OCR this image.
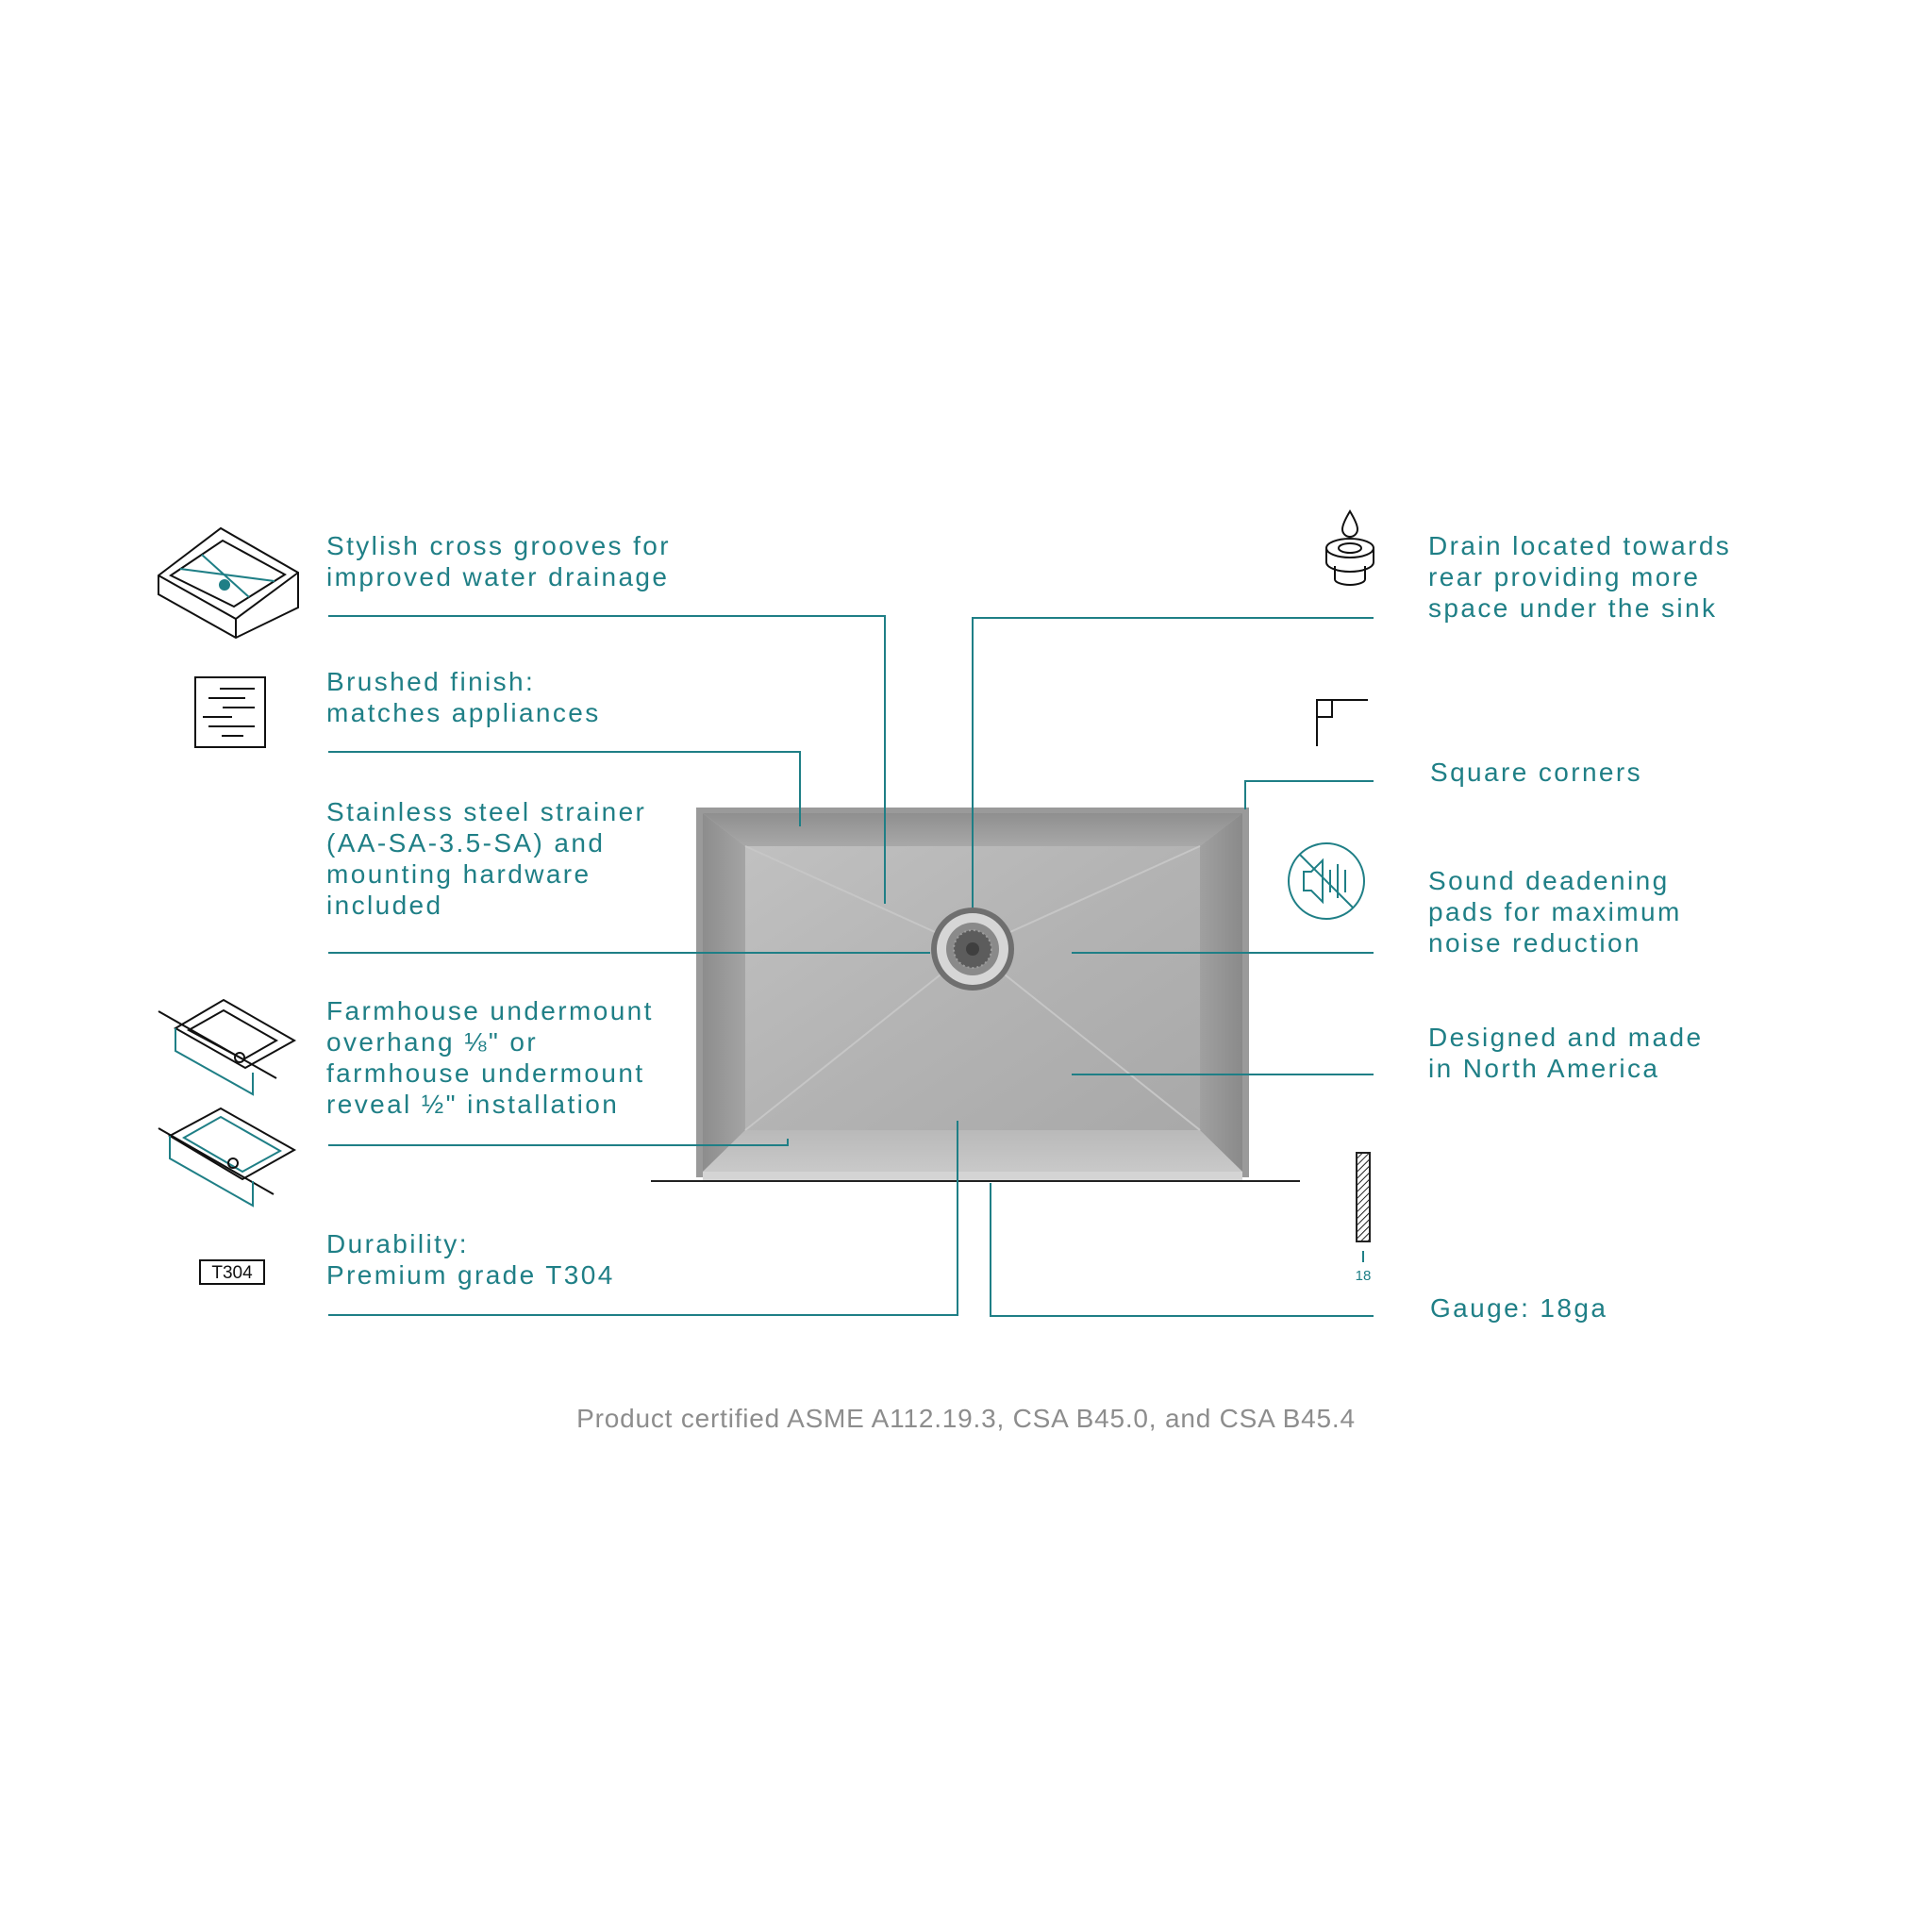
T304	18
Stylish cross grooves for
improved water drainage
Brushed finish:
matches appliances
Stainless steel strainer
(AA-SA-3.5-SA) and
mounting hardware
included
Farmhouse undermount
overhang ⅛" or
farmhouse undermount
reveal ½" installation
Durability:
Premium grade T304
Drain located towards
rear providing more
space under the sink
Square corners
Sound deadening
pads for maximum
noise reduction
Designed and made
in North America
Gauge: 18ga
Product certified ASME A112.19.3, CSA B45.0, and CSA B45.4
